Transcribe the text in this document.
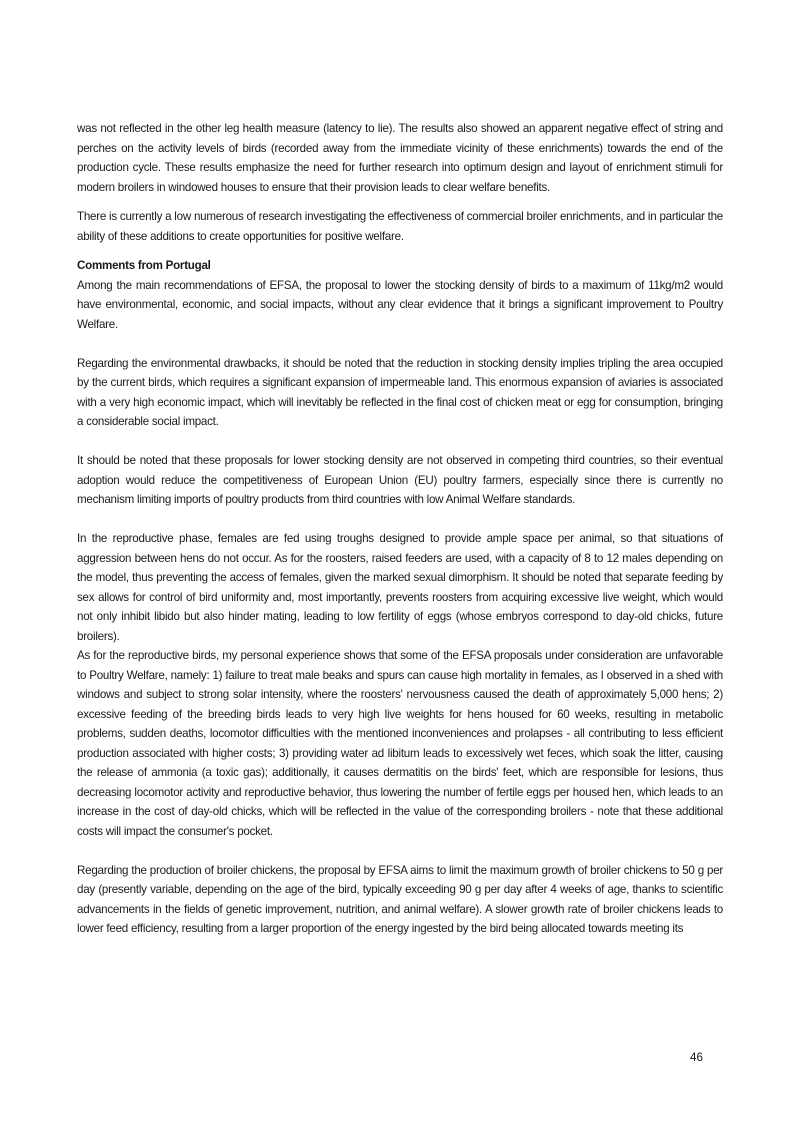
was not reflected in the other leg health measure (latency to lie). The results also showed an apparent negative effect of string and perches on the activity levels of birds (recorded away from the immediate vicinity of these enrichments) towards the end of the production cycle. These results emphasize the need for further research into optimum design and layout of enrichment stimuli for modern broilers in windowed houses to ensure that their provision leads to clear welfare benefits.

There is currently a low numerous of research investigating the effectiveness of commercial broiler enrichments, and in particular the ability of these additions to create opportunities for positive welfare.

Comments from Portugal

Among the main recommendations of EFSA, the proposal to lower the stocking density of birds to a maximum of 11kg/m2 would have environmental, economic, and social impacts, without any clear evidence that it brings a significant improvement to Poultry Welfare.

Regarding the environmental drawbacks, it should be noted that the reduction in stocking density implies tripling the area occupied by the current birds, which requires a significant expansion of impermeable land. This enormous expansion of aviaries is associated with a very high economic impact, which will inevitably be reflected in the final cost of chicken meat or egg for consumption, bringing a considerable social impact.

It should be noted that these proposals for lower stocking density are not observed in competing third countries, so their eventual adoption would reduce the competitiveness of European Union (EU) poultry farmers, especially since there is currently no mechanism limiting imports of poultry products from third countries with low Animal Welfare standards.

In the reproductive phase, females are fed using troughs designed to provide ample space per animal, so that situations of aggression between hens do not occur. As for the roosters, raised feeders are used, with a capacity of 8 to 12 males depending on the model, thus preventing the access of females, given the marked sexual dimorphism. It should be noted that separate feeding by sex allows for control of bird uniformity and, most importantly, prevents roosters from acquiring excessive live weight, which would not only inhibit libido but also hinder mating, leading to low fertility of eggs (whose embryos correspond to day-old chicks, future broilers).

As for the reproductive birds, my personal experience shows that some of the EFSA proposals under consideration are unfavorable to Poultry Welfare, namely: 1) failure to treat male beaks and spurs can cause high mortality in females, as I observed in a shed with windows and subject to strong solar intensity, where the roosters' nervousness caused the death of approximately 5,000 hens; 2) excessive feeding of the breeding birds leads to very high live weights for hens housed for 60 weeks, resulting in metabolic problems, sudden deaths, locomotor difficulties with the mentioned inconveniences and prolapses - all contributing to less efficient production associated with higher costs; 3) providing water ad libitum leads to excessively wet feces, which soak the litter, causing the release of ammonia (a toxic gas); additionally, it causes dermatitis on the birds' feet, which are responsible for lesions, thus decreasing locomotor activity and reproductive behavior, thus lowering the number of fertile eggs per housed hen, which leads to an increase in the cost of day-old chicks, which will be reflected in the value of the corresponding broilers - note that these additional costs will impact the consumer's pocket.

Regarding the production of broiler chickens, the proposal by EFSA aims to limit the maximum growth of broiler chickens to 50 g per day (presently variable, depending on the age of the bird, typically exceeding 90 g per day after 4 weeks of age, thanks to scientific advancements in the fields of genetic improvement, nutrition, and animal welfare). A slower growth rate of broiler chickens leads to lower feed efficiency, resulting from a larger proportion of the energy ingested by the bird being allocated towards meeting its

46
